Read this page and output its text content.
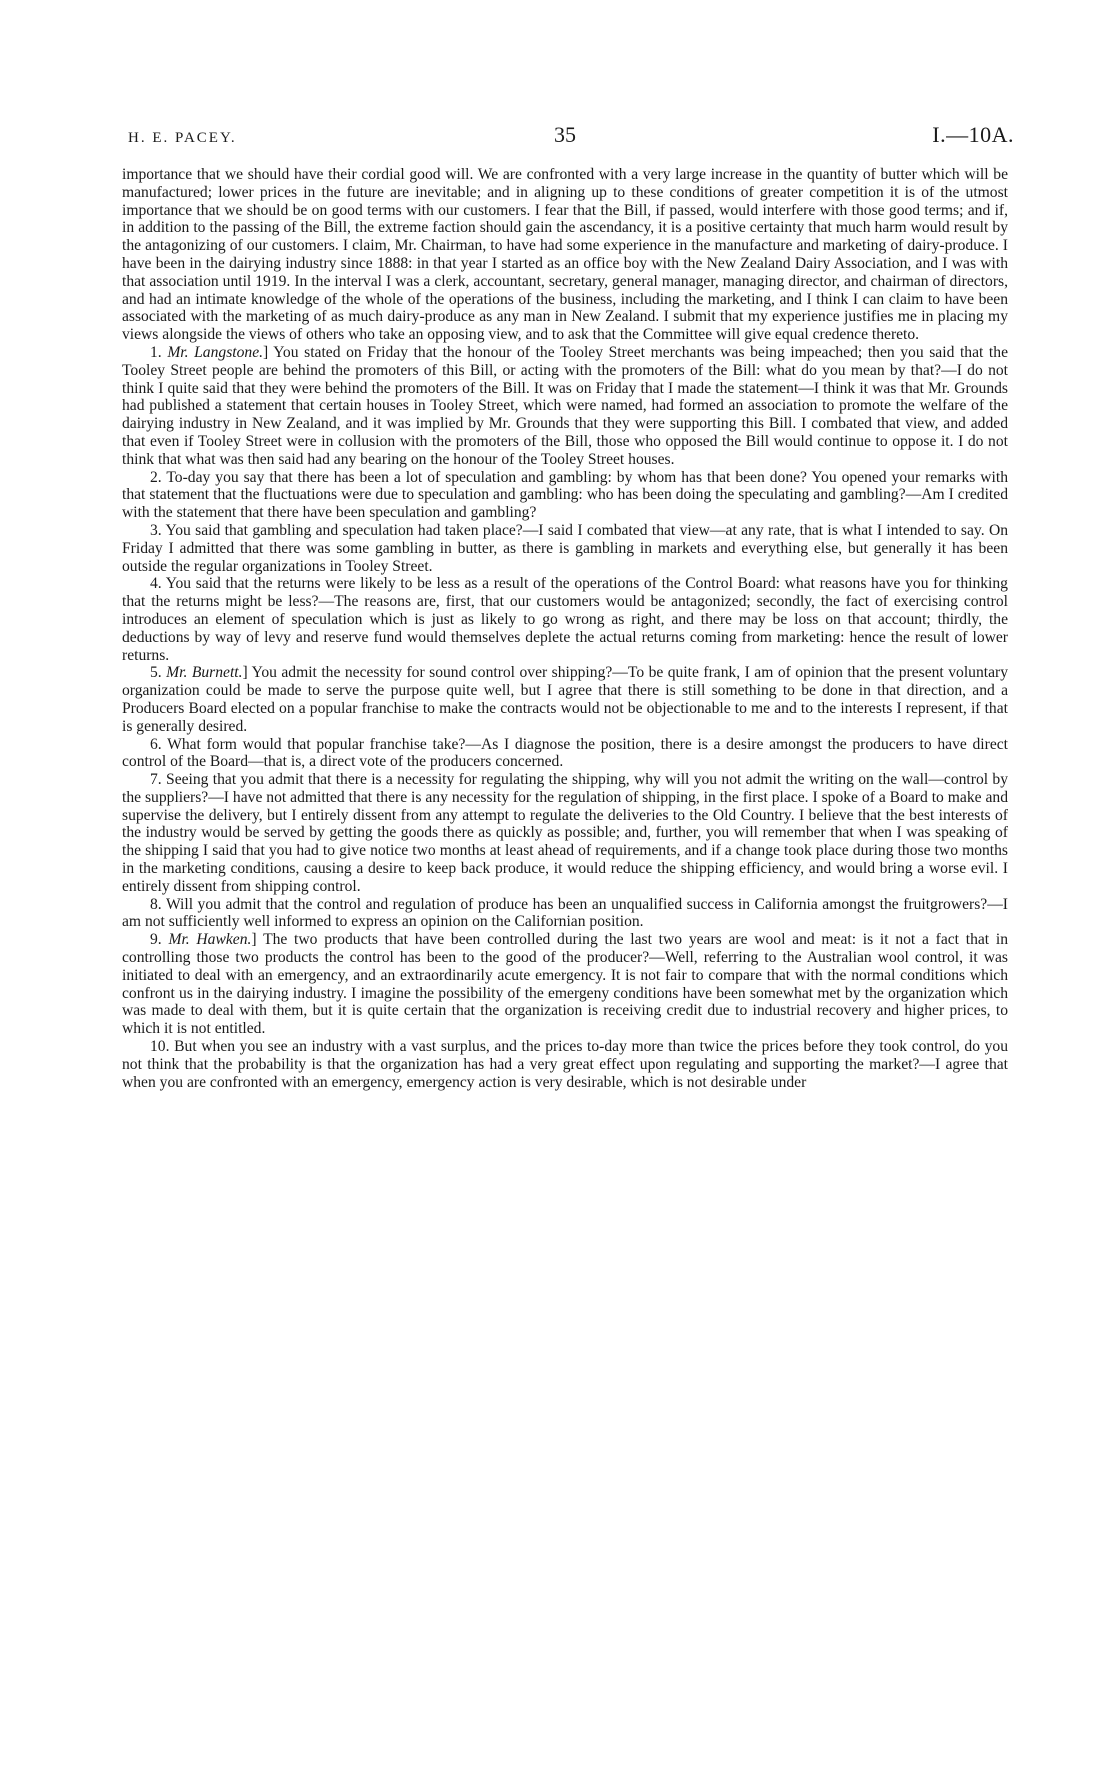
H. E. PACEY.	35	I.—10A.

importance that we should have their cordial good will. We are confronted with a very large increase in the quantity of butter which will be manufactured; lower prices in the future are inevitable; and in aligning up to these conditions of greater competition it is of the utmost importance that we should be on good terms with our customers. I fear that the Bill, if passed, would interfere with those good terms; and if, in addition to the passing of the Bill, the extreme faction should gain the ascendancy, it is a positive certainty that much harm would result by the antagonizing of our customers. I claim, Mr. Chairman, to have had some experience in the manufacture and marketing of dairy-produce. I have been in the dairying industry since 1888: in that year I started as an office boy with the New Zealand Dairy Association, and I was with that association until 1919. In the interval I was a clerk, accountant, secretary, general manager, managing director, and chairman of directors, and had an intimate knowledge of the whole of the operations of the business, including the marketing, and I think I can claim to have been associated with the marketing of as much dairy-produce as any man in New Zealand. I submit that my experience justifies me in placing my views alongside the views of others who take an opposing view, and to ask that the Committee will give equal credence thereto.

1. Mr. Langstone.] You stated on Friday that the honour of the Tooley Street merchants was being impeached; then you said that the Tooley Street people are behind the promoters of this Bill, or acting with the promoters of the Bill: what do you mean by that?—I do not think I quite said that they were behind the promoters of the Bill. It was on Friday that I made the statement—I think it was that Mr. Grounds had published a statement that certain houses in Tooley Street, which were named, had formed an association to promote the welfare of the dairying industry in New Zealand, and it was implied by Mr. Grounds that they were supporting this Bill. I combated that view, and added that even if Tooley Street were in collusion with the promoters of the Bill, those who opposed the Bill would continue to oppose it. I do not think that what was then said had any bearing on the honour of the Tooley Street houses.

2. To-day you say that there has been a lot of speculation and gambling: by whom has that been done? You opened your remarks with that statement that the fluctuations were due to speculation and gambling: who has been doing the speculating and gambling?—Am I credited with the statement that there have been speculation and gambling?

3. You said that gambling and speculation had taken place?—I said I combated that view—at any rate, that is what I intended to say. On Friday I admitted that there was some gambling in butter, as there is gambling in markets and everything else, but generally it has been outside the regular organizations in Tooley Street.

4. You said that the returns were likely to be less as a result of the operations of the Control Board: what reasons have you for thinking that the returns might be less?—The reasons are, first, that our customers would be antagonized; secondly, the fact of exercising control introduces an element of speculation which is just as likely to go wrong as right, and there may be loss on that account; thirdly, the deductions by way of levy and reserve fund would themselves deplete the actual returns coming from marketing: hence the result of lower returns.

5. Mr. Burnett.] You admit the necessity for sound control over shipping?—To be quite frank, I am of opinion that the present voluntary organization could be made to serve the purpose quite well, but I agree that there is still something to be done in that direction, and a Producers Board elected on a popular franchise to make the contracts would not be objectionable to me and to the interests I represent, if that is generally desired.

6. What form would that popular franchise take?—As I diagnose the position, there is a desire amongst the producers to have direct control of the Board—that is, a direct vote of the producers concerned.

7. Seeing that you admit that there is a necessity for regulating the shipping, why will you not admit the writing on the wall—control by the suppliers?—I have not admitted that there is any necessity for the regulation of shipping, in the first place. I spoke of a Board to make and supervise the delivery, but I entirely dissent from any attempt to regulate the deliveries to the Old Country. I believe that the best interests of the industry would be served by getting the goods there as quickly as possible; and, further, you will remember that when I was speaking of the shipping I said that you had to give notice two months at least ahead of requirements, and if a change took place during those two months in the marketing conditions, causing a desire to keep back produce, it would reduce the shipping efficiency, and would bring a worse evil. I entirely dissent from shipping control.

8. Will you admit that the control and regulation of produce has been an unqualified success in California amongst the fruitgrowers?—I am not sufficiently well informed to express an opinion on the Californian position.

9. Mr. Hawken.] The two products that have been controlled during the last two years are wool and meat: is it not a fact that in controlling those two products the control has been to the good of the producer?—Well, referring to the Australian wool control, it was initiated to deal with an emergency, and an extraordinarily acute emergency. It is not fair to compare that with the normal conditions which confront us in the dairying industry. I imagine the possibility of the emergeny conditions have been somewhat met by the organization which was made to deal with them, but it is quite certain that the organization is receiving credit due to industrial recovery and higher prices, to which it is not entitled.

10. But when you see an industry with a vast surplus, and the prices to-day more than twice the prices before they took control, do you not think that the probability is that the organization has had a very great effect upon regulating and supporting the market?—I agree that when you are confronted with an emergency, emergency action is very desirable, which is not desirable under
